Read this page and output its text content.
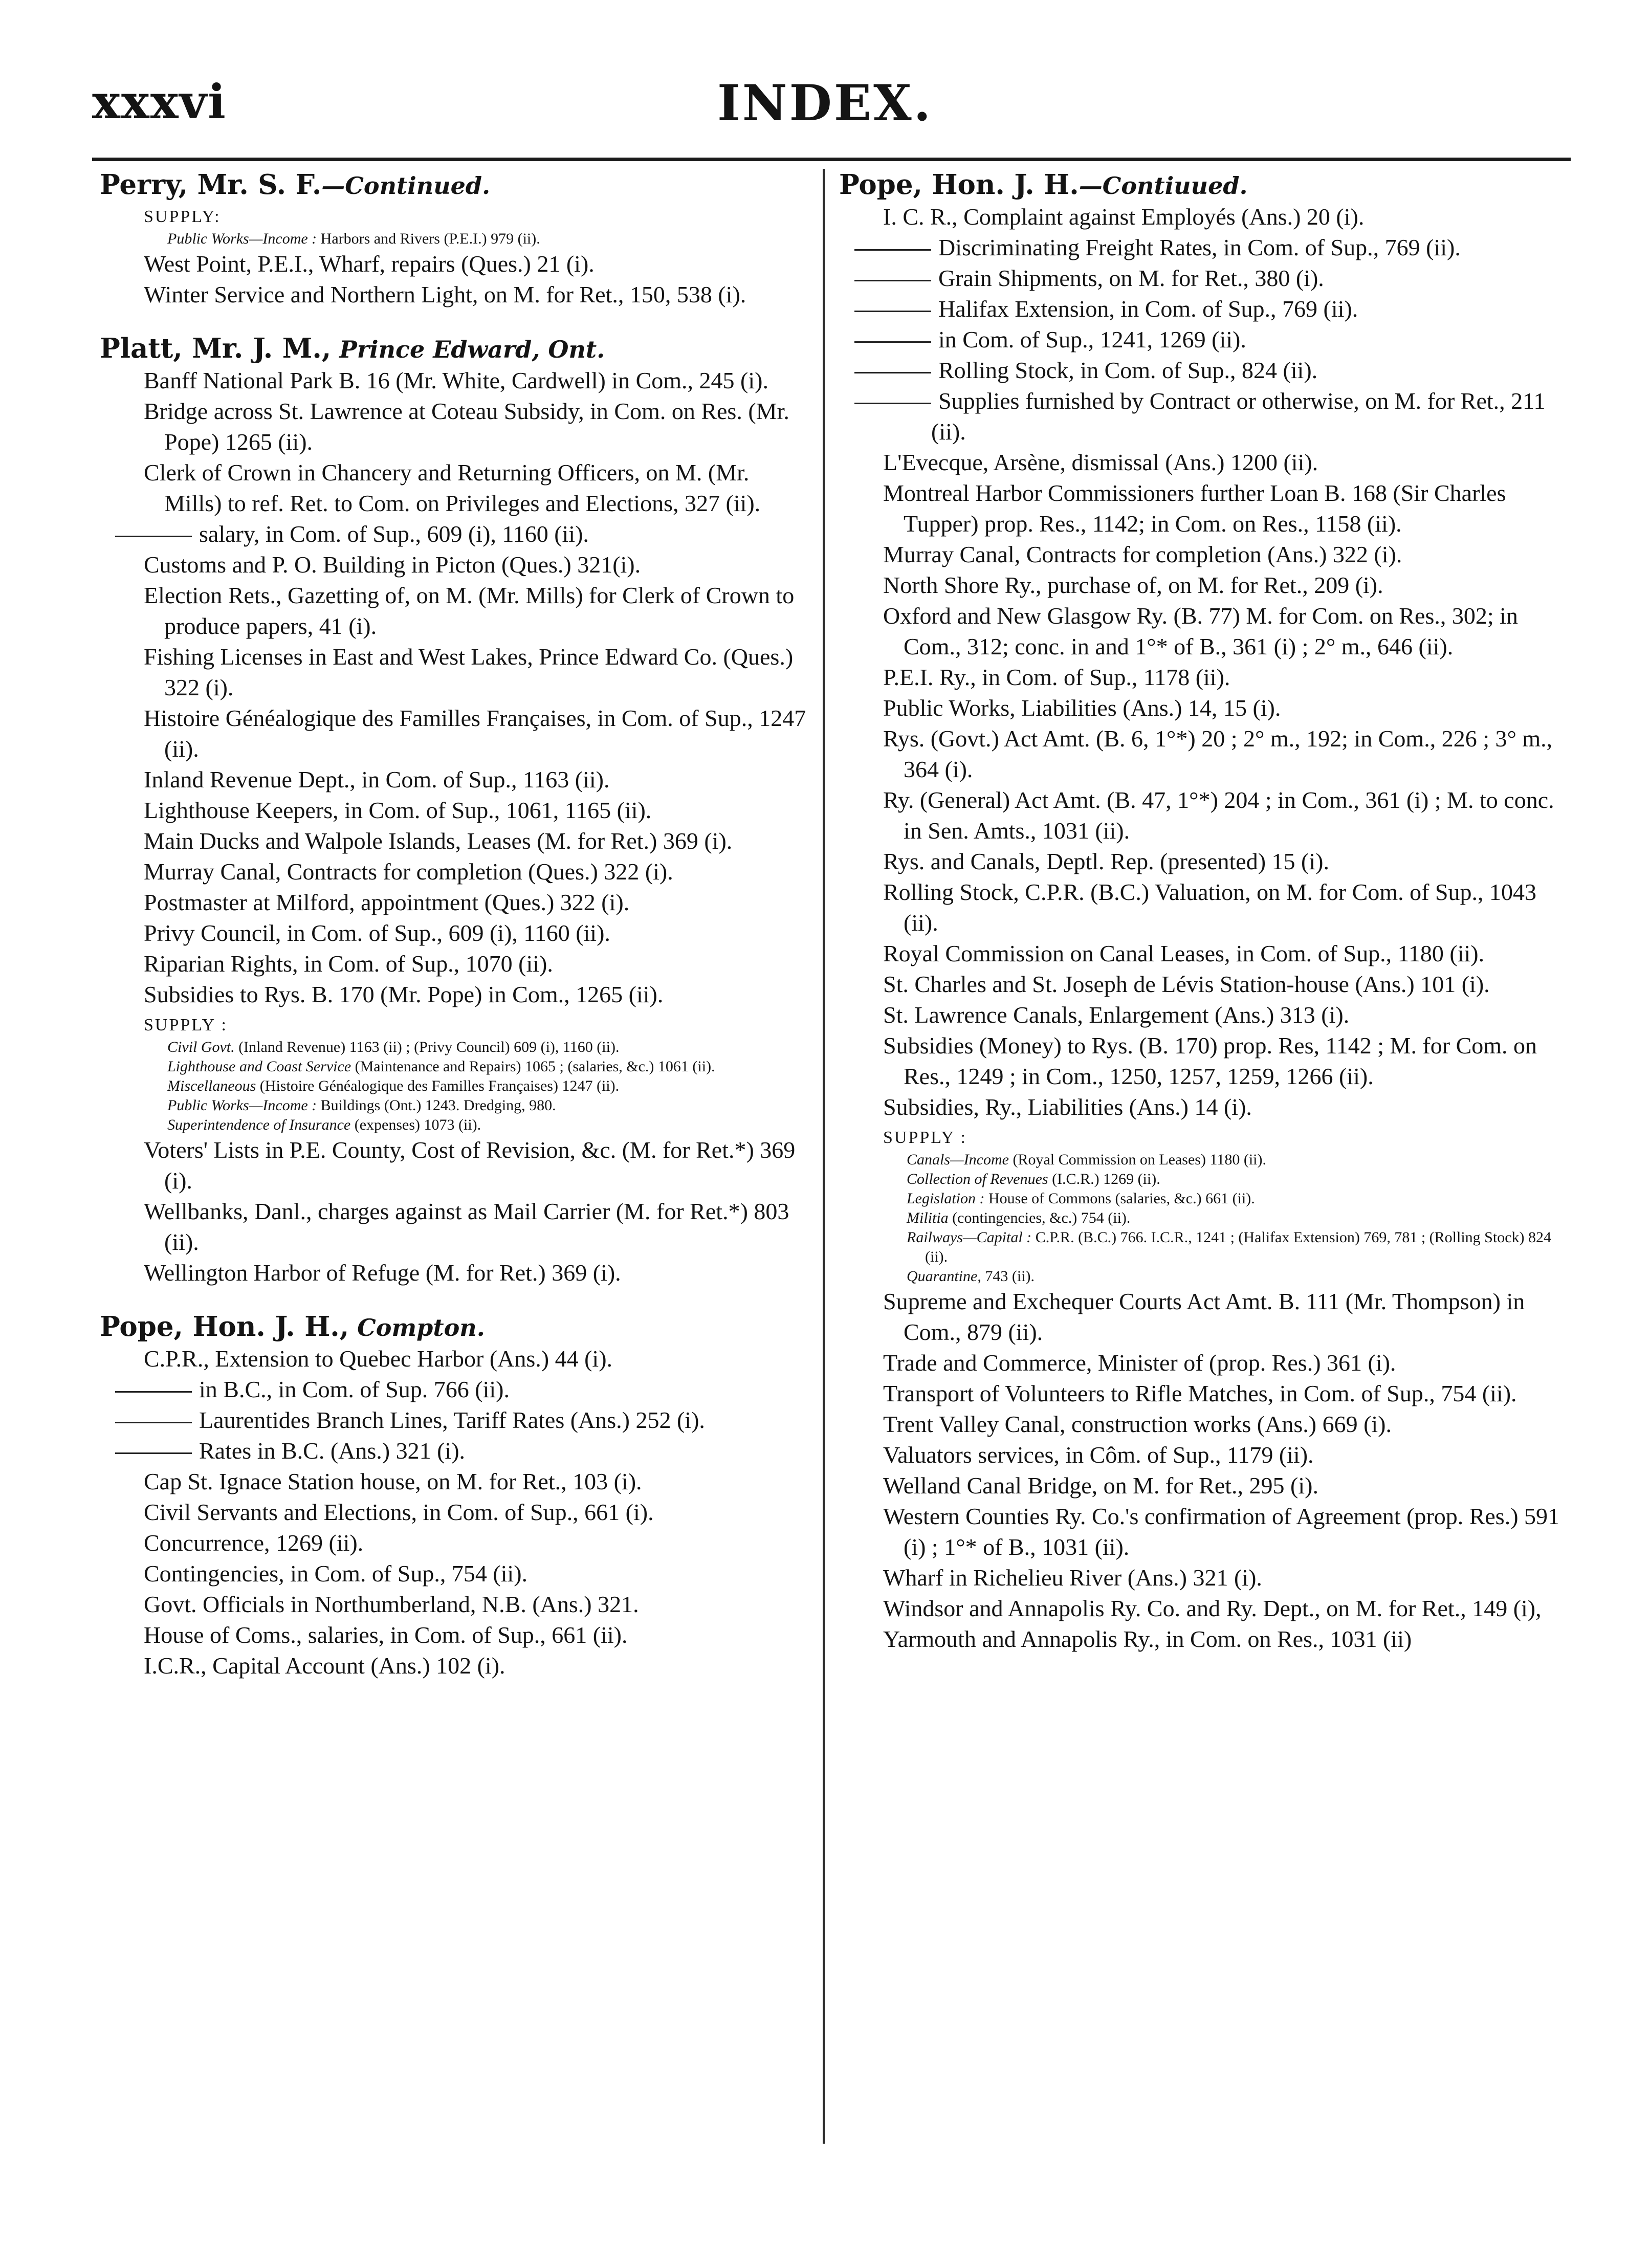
xxxvi	INDEX.

Perry, Mr. S. F.—Continued.

SUPPLY:

Public Works—Income : Harbors and Rivers (P.E.I.) 979 (ii).

West Point, P.E.I., Wharf, repairs (Ques.) 21 (i).

Winter Service and Northern Light, on M. for Ret., 150, 538 (i).

Platt, Mr. J. M., Prince Edward, Ont.

Banff National Park B. 16 (Mr. White, Cardwell) in Com., 245 (i).

Bridge across St. Lawrence at Coteau Subsidy, in Com. on Res. (Mr. Pope) 1265 (ii).

Clerk of Crown in Chancery and Returning Officers, on M. (Mr. Mills) to ref. Ret. to Com. on Privileges and Elections, 327 (ii).

salary, in Com. of Sup., 609 (i), 1160 (ii).

Customs and P. O. Building in Picton (Ques.) 321(i).

Election Rets., Gazetting of, on M. (Mr. Mills) for Clerk of Crown to produce papers, 41 (i).

Fishing Licenses in East and West Lakes, Prince Edward Co. (Ques.) 322 (i).

Histoire Généalogique des Familles Françaises, in Com. of Sup., 1247 (ii).

Inland Revenue Dept., in Com. of Sup., 1163 (ii).

Lighthouse Keepers, in Com. of Sup., 1061, 1165 (ii).

Main Ducks and Walpole Islands, Leases (M. for Ret.) 369 (i).

Murray Canal, Contracts for completion (Ques.) 322 (i).

Postmaster at Milford, appointment (Ques.) 322 (i).

Privy Council, in Com. of Sup., 609 (i), 1160 (ii).

Riparian Rights, in Com. of Sup., 1070 (ii).

Subsidies to Rys. B. 170 (Mr. Pope) in Com., 1265 (ii).

SUPPLY :

Civil Govt. (Inland Revenue) 1163 (ii) ; (Privy Council) 609 (i), 1160 (ii).

Lighthouse and Coast Service (Maintenance and Repairs) 1065 ; (salaries, &c.) 1061 (ii).

Miscellaneous (Histoire Généalogique des Familles Françaises) 1247 (ii).

Public Works—Income : Buildings (Ont.) 1243. Dredging, 980.

Superintendence of Insurance (expenses) 1073 (ii).

Voters' Lists in P.E. County, Cost of Revision, &c. (M. for Ret.*) 369 (i).

Wellbanks, Danl., charges against as Mail Carrier (M. for Ret.*) 803 (ii).

Wellington Harbor of Refuge (M. for Ret.) 369 (i).

Pope, Hon. J. H., Compton.

C.P.R., Extension to Quebec Harbor (Ans.) 44 (i).

in B.C., in Com. of Sup. 766 (ii).

Laurentides Branch Lines, Tariff Rates (Ans.) 252 (i).

Rates in B.C. (Ans.) 321 (i).

Cap St. Ignace Station house, on M. for Ret., 103 (i).

Civil Servants and Elections, in Com. of Sup., 661 (i).

Concurrence, 1269 (ii).

Contingencies, in Com. of Sup., 754 (ii).

Govt. Officials in Northumberland, N.B. (Ans.) 321.

House of Coms., salaries, in Com. of Sup., 661 (ii).

I.C.R., Capital Account (Ans.) 102 (i).

Pope, Hon. J. H.—Contiuued.

I. C. R., Complaint against Employés (Ans.) 20 (i).

Discriminating Freight Rates, in Com. of Sup., 769 (ii).

Grain Shipments, on M. for Ret., 380 (i).

Halifax Extension, in Com. of Sup., 769 (ii).

in Com. of Sup., 1241, 1269 (ii).

Rolling Stock, in Com. of Sup., 824 (ii).

Supplies furnished by Contract or otherwise, on M. for Ret., 211 (ii).

L'Evecque, Arsène, dismissal (Ans.) 1200 (ii).

Montreal Harbor Commissioners further Loan B. 168 (Sir Charles Tupper) prop. Res., 1142; in Com. on Res., 1158 (ii).

Murray Canal, Contracts for completion (Ans.) 322 (i).

North Shore Ry., purchase of, on M. for Ret., 209 (i).

Oxford and New Glasgow Ry. (B. 77) M. for Com. on Res., 302; in Com., 312; conc. in and 1°* of B., 361 (i) ; 2° m., 646 (ii).

P.E.I. Ry., in Com. of Sup., 1178 (ii).

Public Works, Liabilities (Ans.) 14, 15 (i).

Rys. (Govt.) Act Amt. (B. 6, 1°*) 20 ; 2° m., 192; in Com., 226 ; 3° m., 364 (i).

Ry. (General) Act Amt. (B. 47, 1°*) 204 ; in Com., 361 (i) ; M. to conc. in Sen. Amts., 1031 (ii).

Rys. and Canals, Deptl. Rep. (presented) 15 (i).

Rolling Stock, C.P.R. (B.C.) Valuation, on M. for Com. of Sup., 1043 (ii).

Royal Commission on Canal Leases, in Com. of Sup., 1180 (ii).

St. Charles and St. Joseph de Lévis Station-house (Ans.) 101 (i).

St. Lawrence Canals, Enlargement (Ans.) 313 (i).

Subsidies (Money) to Rys. (B. 170) prop. Res, 1142 ; M. for Com. on Res., 1249 ; in Com., 1250, 1257, 1259, 1266 (ii).

Subsidies, Ry., Liabilities (Ans.) 14 (i).

SUPPLY :

Canals—Income (Royal Commission on Leases) 1180 (ii).

Collection of Revenues (I.C.R.) 1269 (ii).

Legislation : House of Commons (salaries, &c.) 661 (ii).

Militia (contingencies, &c.) 754 (ii).

Railways—Capital : C.P.R. (B.C.) 766. I.C.R., 1241 ; (Halifax Extension) 769, 781 ; (Rolling Stock) 824 (ii).

Quarantine, 743 (ii).

Supreme and Exchequer Courts Act Amt. B. 111 (Mr. Thompson) in Com., 879 (ii).

Trade and Commerce, Minister of (prop. Res.) 361 (i).

Transport of Volunteers to Rifle Matches, in Com. of Sup., 754 (ii).

Trent Valley Canal, construction works (Ans.) 669 (i).

Valuators services, in Côm. of Sup., 1179 (ii).

Welland Canal Bridge, on M. for Ret., 295 (i).

Western Counties Ry. Co.'s confirmation of Agreement (prop. Res.) 591 (i) ; 1°* of B., 1031 (ii).

Wharf in Richelieu River (Ans.) 321 (i).

Windsor and Annapolis Ry. Co. and Ry. Dept., on M. for Ret., 149 (i),

Yarmouth and Annapolis Ry., in Com. on Res., 1031 (ii)
